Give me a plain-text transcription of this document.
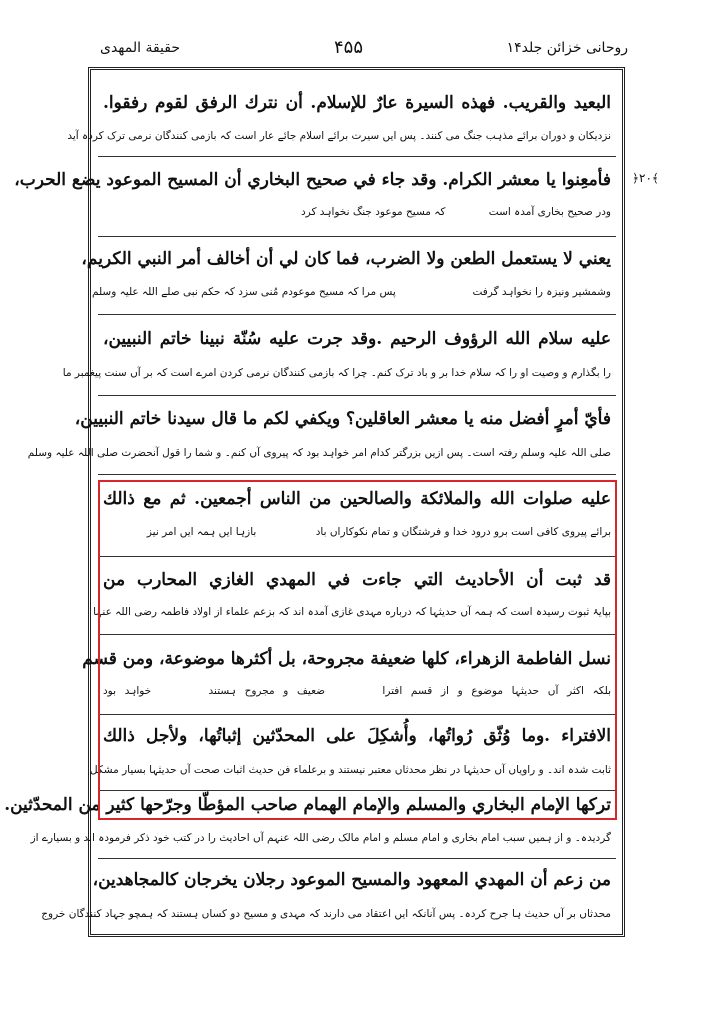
حقيقة المهدی	۴۵۵	روحانی خزائن جلد۱۴
﴿۲۰﴾
البعيد والقريب. فهذه السيرة عارٌ للإسلام. أن نترك الرفق لقوم رفقوا.
نزدیکان و دوران برائے مذہب جنگ می کنند۔ پس ایں سیرت برائے اسلام جائے عار است کہ بازمی کنندگان نرمی ترک کردہ آید
فأمعِنوا يا معشر الكرام. وقد جاء في صحيح البخاري أن المسيح الموعود يضع الحرب،
ودر صحیح بخاری آمدہ است کہ مسیح موعود جنگ نخواہد کرد
يعني لا يستعمل الطعن ولا الضرب، فما كان لي أن أخالف أمر النبي الكريم،
وشمشیر ونیزہ را نخواہد گرفت  پس مرا کہ مسیح موعودم مُنی سزد کہ حکم نبی صلے اللہ علیہ وسلم
عليه سلام الله الرؤوف الرحيم .وقد جرت عليه سُنّة نبينا خاتم النبيين،
را بگذارم و وصیت او را کہ سلام خدا بر و باد ترک کنم۔ چرا کہ بازمی کنندگان نرمی کردن امرے است کہ بر آں سنت پیغمبر ما
فأيّ أمرٍ أفضل منه يا معشر العاقلين؟ ويكفي لكم ما قال سيدنا خاتم النبيين،
صلی اللہ علیہ وسلم رفتہ است۔ پس ازیں بزرگتر کدام امر خواہد بود کہ پیروی آں کنم۔ و شما را قول آنحضرت صلی اللہ علیہ وسلم
عليه صلوات الله والملائكة والصالحين من الناس أجمعين. ثم مع ذالك
برائے پیروی کافی است برو درود خدا و فرشتگان و تمام نکوکاراں باد بازہا ایں ہمہ ایں امر نیز
قد ثبت أن الأحاديث التي جاءت في المهدي الغازي المحارب من
بپایۂ ثبوت رسیدہ است کہ ہمہ آں حدیثہا کہ درباره مہدی غازی آمدہ اند کہ بزعم علماء از اولاد فاطمہ رضی اللہ عنہا
نسل الفاطمة الزهراء، كلها ضعيفة مجروحة، بل أكثرها موضوعة، ومن قسم
بلکہ اکثر آں حدیثہا موضوع و از قسم افترا  ضعیف و مجروح ہستند  خواہد بود
الافتراء .وما وُثّق رُواتُها، وأُشكِلَ على المحدّثين إثباتُها، ولأجل ذالك
ثابت شدہ اند۔ و راویاں آں حدیثہا در نظر محدثاں معتبر نیستند و برعلماء فن حدیث اثبات صحت آں حدیثہا بسیار مشکل
تركها الإمام البخاري والمسلم والإمام الهمام صاحب المؤطّا وجرّحها كثير من المحدّثين.
گردیدہ۔ و از ہمیں سبب امام بخاری و امام مسلم و امام مالک رضی اللہ عنہم آں احادیث را در کتب خود ذکر فرمودہ اند و بسیارے از
من زعم أن المهدي المعهود والمسيح الموعود رجلان يخرجان كالمجاهدين،
محدثاں بر آں حدیث ہا جرح کردہ۔ پس آنانکہ ایں اعتقاد می دارند کہ مہدی و مسیح دو کساں ہستند کہ ہمچو جہاد کنندگان خروج
